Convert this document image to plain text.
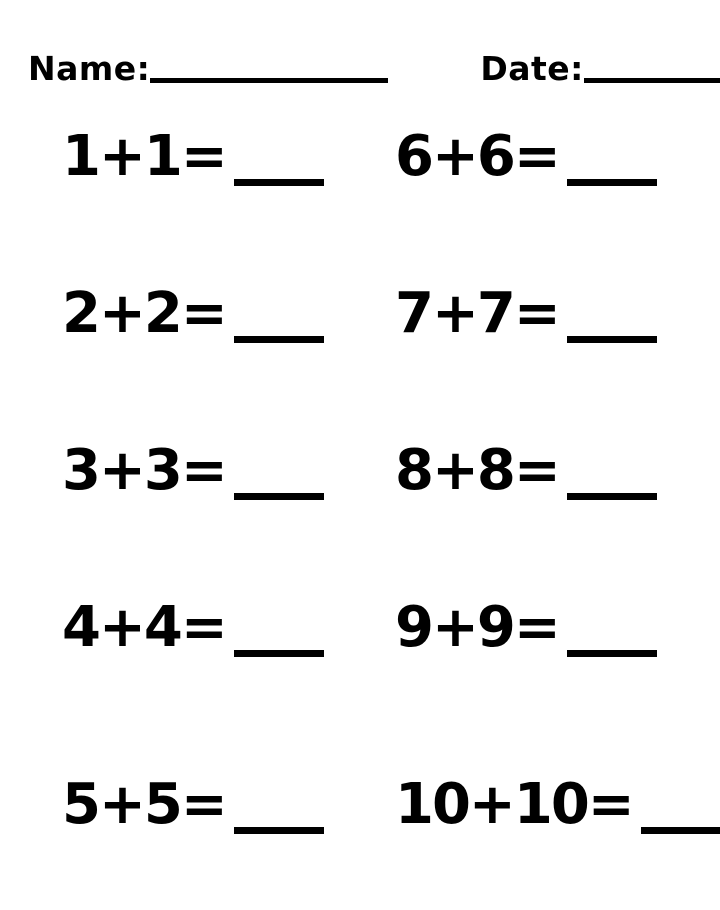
Name:	Date:
1+1=	6+6=
2+2=	7+7=
3+3=	8+8=
4+4=	9+9=
5+5=	10+10=
